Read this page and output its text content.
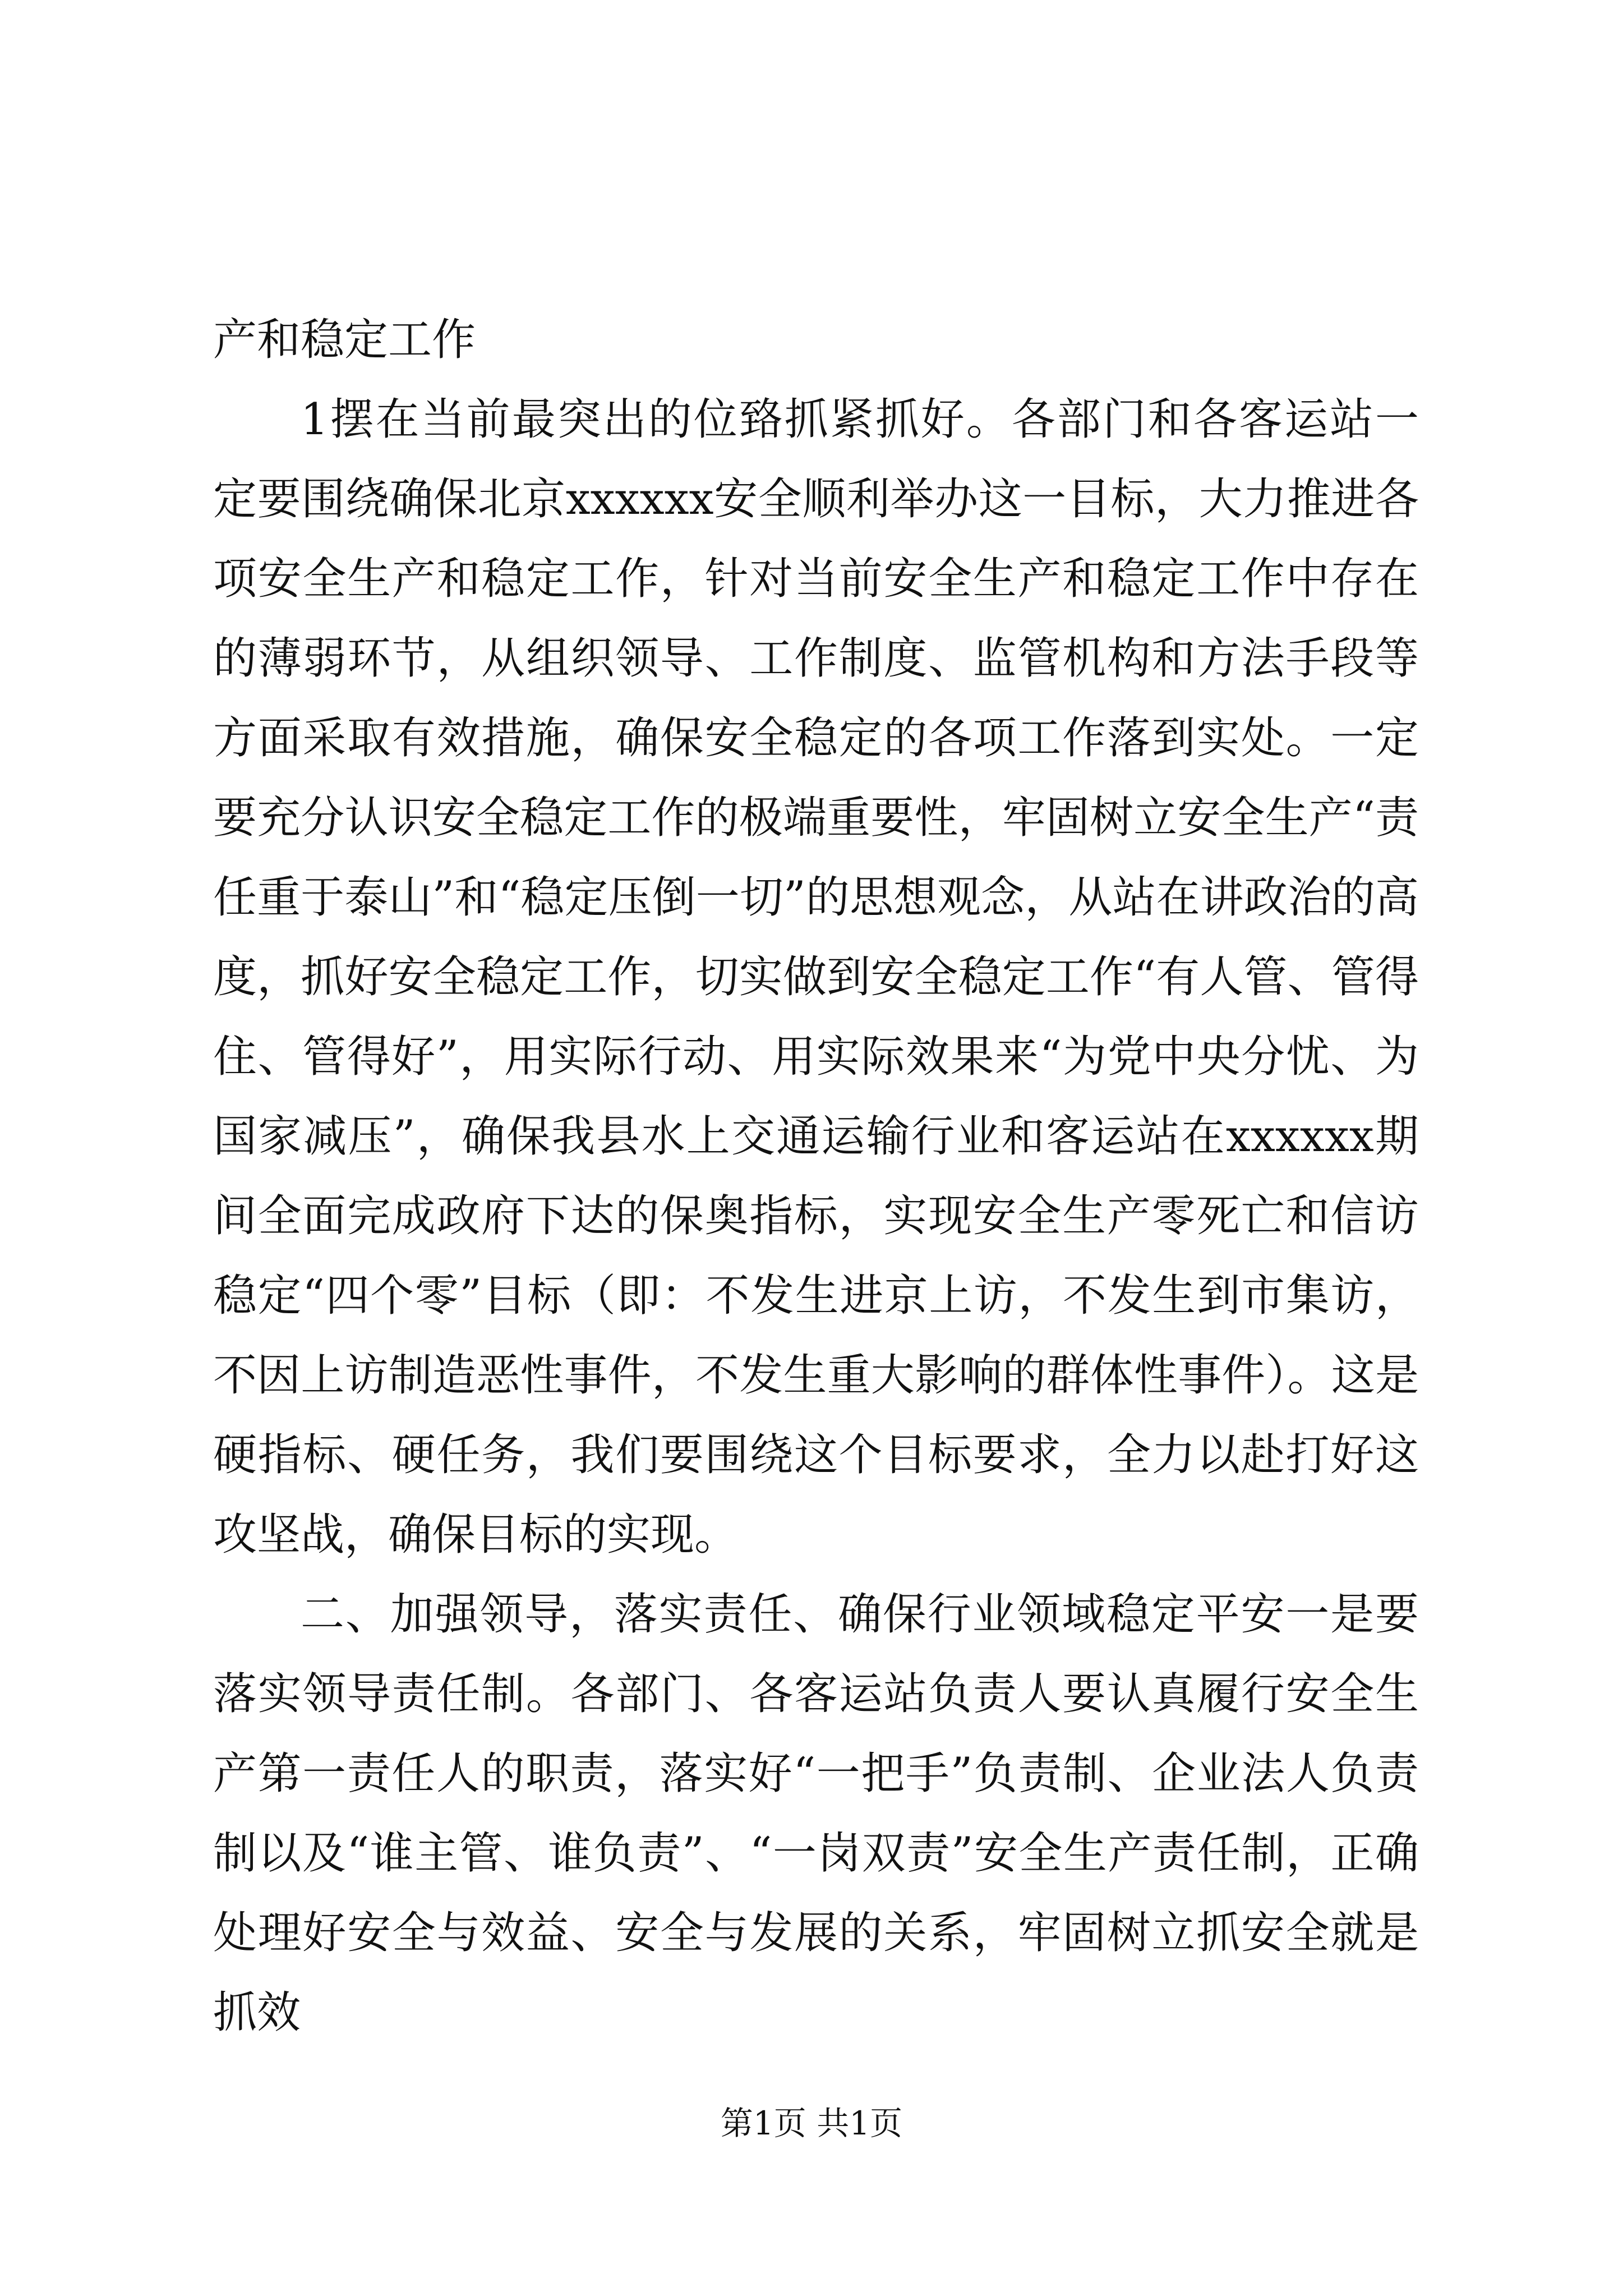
产和稳定工作

1摆在当前最突出的位臵抓紧抓好。各部门和各客运站一定要围绕确保北京xxxxxx安全顺利举办这一目标，大力推进各项安全生产和稳定工作，针对当前安全生产和稳定工作中存在的薄弱环节，从组织领导、工作制度、监管机构和方法手段等方面采取有效措施，确保安全稳定的各项工作落到实处。一定要充分认识安全稳定工作的极端重要性，牢固树立安全生产“责任重于泰山”和“稳定压倒一切”的思想观念，从站在讲政治的高度，抓好安全稳定工作，切实做到安全稳定工作“有人管、管得住、管得好”，用实际行动、用实际效果来“为党中央分忧、为国家减压”，确保我县水上交通运输行业和客运站在xxxxxx期间全面完成政府下达的保奥指标，实现安全生产零死亡和信访稳定“四个零”目标（即：不发生进京上访，不发生到市集访，不因上访制造恶性事件，不发生重大影响的群体性事件）。这是硬指标、硬任务，我们要围绕这个目标要求，全力以赴打好这攻坚战，确保目标的实现。

二、加强领导，落实责任、确保行业领域稳定平安一是要落实领导责任制。各部门、各客运站负责人要认真履行安全生产第一责任人的职责，落实好“一把手”负责制、企业法人负责制以及“谁主管、谁负责”、“一岗双责”安全生产责任制，正确处理好安全与效益、安全与发展的关系，牢固树立抓安全就是抓效

第1页 共1页
